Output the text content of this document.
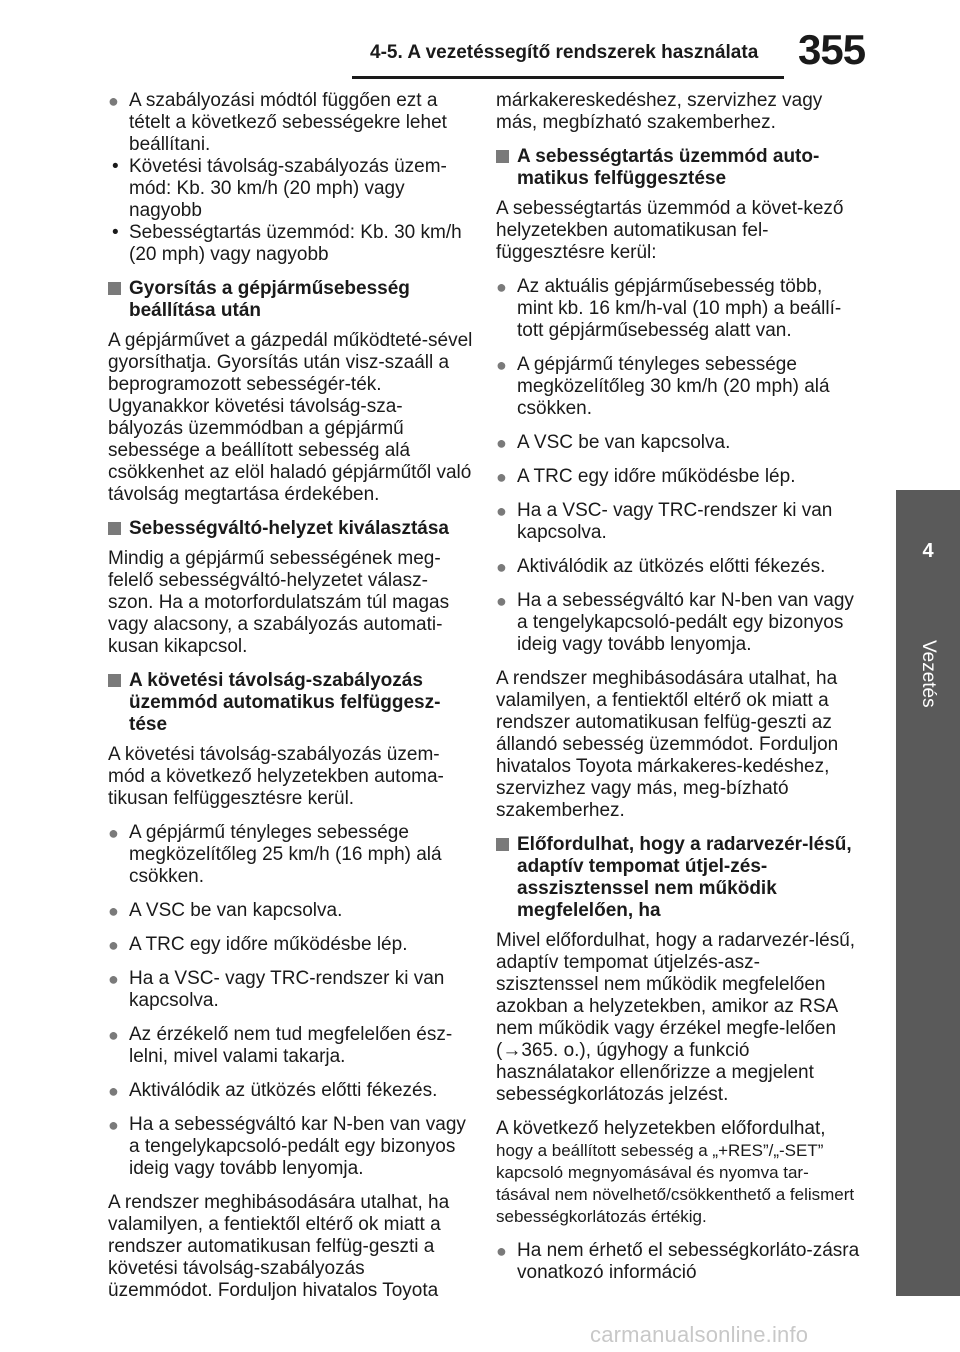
4-5. A vezetéssegítő rendszerek használata 355
4
Vezetés
● A szabályozási módtól függően ezt a tételt a következő sebességekre lehet beállítani.
• Követési távolság-szabályozás üzem-mód: Kb. 30 km/h (20 mph) vagy nagyobb
• Sebességtartás üzemmód: Kb. 30 km/h (20 mph) vagy nagyobb
Gyorsítás a gépjárműsebesség beállítása után
A gépjárművet a gázpedál működteté-sével gyorsíthatja. Gyorsítás után visz-szaáll a beprogramozott sebességér-ték. Ugyanakkor követési távolság-sza-bályozás üzemmódban a gépjármű sebessége a beállított sebesség alá csökkenhet az elöl haladó gépjárműtől való távolság megtartása érdekében.
Sebességváltó-helyzet kiválasztása
Mindig a gépjármű sebességének meg-felelő sebességváltó-helyzetet válasz-szon. Ha a motorfordulatszám túl magas vagy alacsony, a szabályozás automati-kusan kikapcsol.
A követési távolság-szabályozás üzemmód automatikus felfüggesz-tése
A követési távolság-szabályozás üzem-mód a következő helyzetekben automa-tikusan felfüggesztésre kerül.
● A gépjármű tényleges sebessége megközelítőleg 25 km/h (16 mph) alá csökken.
● A VSC be van kapcsolva.
● A TRC egy időre működésbe lép.
● Ha a VSC- vagy TRC-rendszer ki van kapcsolva.
● Az érzékelő nem tud megfelelően ész-lelni, mivel valami takarja.
● Aktiválódik az ütközés előtti fékezés.
● Ha a sebességváltó kar N-ben van vagy a tengelykapcsoló-pedált egy bizonyos ideig vagy tovább lenyomja.
A rendszer meghibásodására utalhat, ha valamilyen, a fentiektől eltérő ok miatt a rendszer automatikusan felfüg-geszti a követési távolság-szabályozás üzemmódot. Forduljon hivatalos Toyota
márkakereskedéshez, szervizhez vagy más, megbízható szakemberhez.
A sebességtartás üzemmód auto-matikus felfüggesztése
A sebességtartás üzemmód a követ-kező helyzetekben automatikusan fel-függesztésre kerül:
● Az aktuális gépjárműsebesség több, mint kb. 16 km/h-val (10 mph) a beállí-tott gépjárműsebesség alatt van.
● A gépjármű tényleges sebessége megközelítőleg 30 km/h (20 mph) alá csökken.
● A VSC be van kapcsolva.
● A TRC egy időre működésbe lép.
● Ha a VSC- vagy TRC-rendszer ki van kapcsolva.
● Aktiválódik az ütközés előtti fékezés.
● Ha a sebességváltó kar N-ben van vagy a tengelykapcsoló-pedált egy bizonyos ideig vagy tovább lenyomja.
A rendszer meghibásodására utalhat, ha valamilyen, a fentiektől eltérő ok miatt a rendszer automatikusan felfüg-geszti az állandó sebesség üzemmódot. Forduljon hivatalos Toyota márkakeres-kedéshez, szervizhez vagy más, meg-bízható szakemberhez.
Előfordulhat, hogy a radarvezér-lésű, adaptív tempomat útjel-zés-asszisztenssel nem működik megfelelően, ha
Mivel előfordulhat, hogy a radarvezér-lésű, adaptív tempomat útjelzés-asz-szisztenssel nem működik megfelelően azokban a helyzetekben, amikor az RSA nem működik vagy érzékel megfe-lelően (→365. o.), úgyhogy a funkció használatakor ellenőrizze a megjelent sebességkorlátozás jelzést.
A következő helyzetekben előfordulhat,
hogy a beállított sebesség a „+RES”/„-SET”
kapcsoló megnyomásával és nyomva tar-tásával nem növelhető/csökkenthető a felismert sebességkorlátozás értékig.
● Ha nem érhető el sebességkorláto-zásra vonatkozó információ
carmanualsonline.info
